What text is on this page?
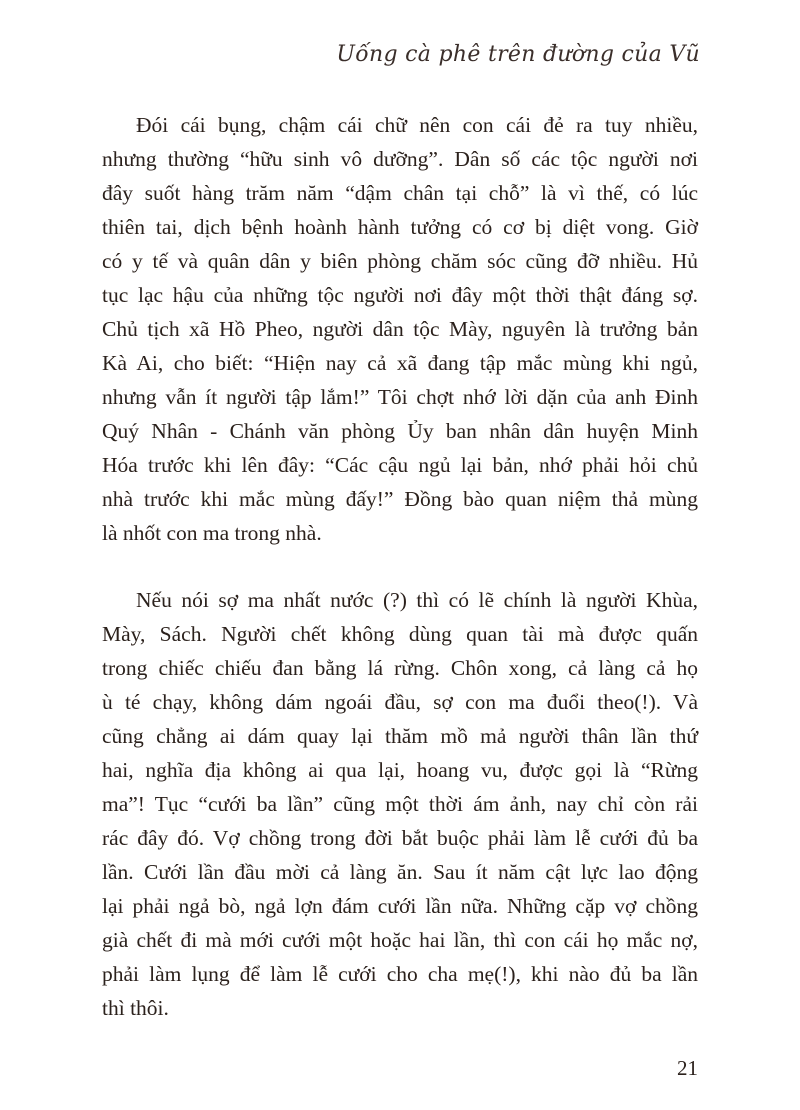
Uống cà phê trên đường của Vũ
Đói cái bụng, chậm cái chữ nên con cái đẻ ra tuy nhiều,
nhưng thường “hữu sinh vô dưỡng”. Dân số các tộc người nơi
đây suốt hàng trăm năm “dậm chân tại chỗ” là vì thế, có lúc
thiên tai, dịch bệnh hoành hành tưởng có cơ bị diệt vong. Giờ
có y tế và quân dân y biên phòng chăm sóc cũng đỡ nhiều. Hủ
tục lạc hậu của những tộc người nơi đây một thời thật đáng sợ.
Chủ tịch xã Hồ Pheo, người dân tộc Mày, nguyên là trưởng bản
Kà Ai, cho biết: “Hiện nay cả xã đang tập mắc mùng khi ngủ,
nhưng vẫn ít người tập lắm!” Tôi chợt nhớ lời dặn của anh Đinh
Quý Nhân - Chánh văn phòng Ủy ban nhân dân huyện Minh
Hóa trước khi lên đây: “Các cậu ngủ lại bản, nhớ phải hỏi chủ
nhà trước khi mắc mùng đấy!” Đồng bào quan niệm thả mùng
là nhốt con ma trong nhà.
Nếu nói sợ ma nhất nước (?) thì có lẽ chính là người Khùa,
Mày, Sách. Người chết không dùng quan tài mà được quấn
trong chiếc chiếu đan bằng lá rừng. Chôn xong, cả làng cả họ
ù té chạy, không dám ngoái đầu, sợ con ma đuổi theo(!). Và
cũng chẳng ai dám quay lại thăm mồ mả người thân lần thứ
hai, nghĩa địa không ai qua lại, hoang vu, được gọi là “Rừng
ma”! Tục “cưới ba lần” cũng một thời ám ảnh, nay chỉ còn rải
rác đây đó. Vợ chồng trong đời bắt buộc phải làm lễ cưới đủ ba
lần. Cưới lần đầu mời cả làng ăn. Sau ít năm cật lực lao động
lại phải ngả bò, ngả lợn đám cưới lần nữa. Những cặp vợ chồng
già chết đi mà mới cưới một hoặc hai lần, thì con cái họ mắc nợ,
phải làm lụng để làm lễ cưới cho cha mẹ(!), khi nào đủ ba lần
thì thôi.
21
